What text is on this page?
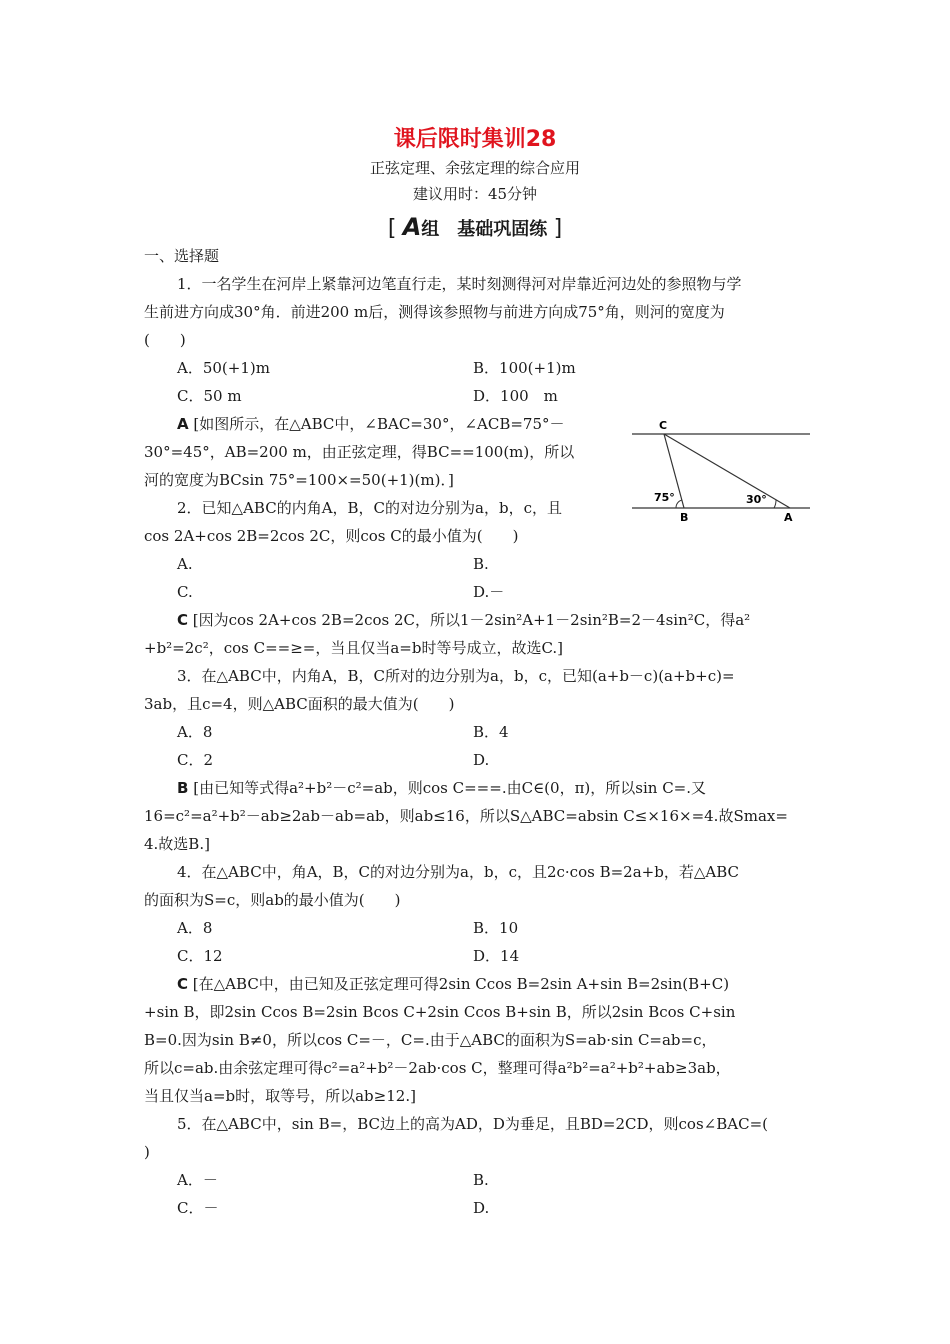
课后限时集训28
正弦定理、余弦定理的综合应用
建议用时：45分钟
[ A组　基础巩固练 ]
一、选择题
1．一名学生在河岸上紧靠河边笔直行走，某时刻测得河对岸靠近河边处的参照物与学
生前进方向成30°角．前进200 m后，测得该参照物与前进方向成75°角，则河的宽度为
(　　)
A．50(+1)m	B．100(+1)m
C．50 m	D．100　m
A [如图所示，在△ABC中，∠BAC=30°，∠ACB=75°－
30°=45°，AB=200 m，由正弦定理，得BC==100(m)，所以
河的宽度为BCsin 75°=100×=50(+1)(m)．]
C
B	A
75°	30°
2．已知△ABC的内角A，B，C的对边分别为a，b，c，且
cos 2A+cos 2B=2cos 2C，则cos C的最小值为(　　)
A.	B.
C.	D.－
C [因为cos 2A+cos 2B=2cos 2C，所以1－2sin²A+1－2sin²B=2－4sin²C，得a²
+b²=2c²，cos C==≥=，当且仅当a=b时等号成立，故选C.]
3．在△ABC中，内角A，B，C所对的边分别为a，b，c，已知(a+b－c)(a+b+c)=
3ab，且c=4，则△ABC面积的最大值为(　　)
A．8	B．4
C．2	D.
B [由已知等式得a²+b²－c²=ab，则cos C===.由C∈(0，π)，所以sin C=.又
16=c²=a²+b²－ab≥2ab－ab=ab，则ab≤16，所以S△ABC=absin C≤×16×=4.故Smax=
4.故选B.]
4．在△ABC中，角A，B，C的对边分别为a，b，c，且2c·cos B=2a+b，若△ABC
的面积为S=c，则ab的最小值为(　　)
A．8	B．10
C．12	D．14
C [在△ABC中，由已知及正弦定理可得2sin Ccos B=2sin A+sin B=2sin(B+C)
+sin B，即2sin Ccos B=2sin Bcos C+2sin Ccos B+sin B，所以2sin Bcos C+sin
B=0.因为sin B≠0，所以cos C=－，C=.由于△ABC的面积为S=ab·sin C=ab=c，
所以c=ab.由余弦定理可得c²=a²+b²－2ab·cos C，整理可得a²b²=a²+b²+ab≥3ab，
当且仅当a=b时，取等号，所以ab≥12.]
5．在△ABC中，sin B=，BC边上的高为AD，D为垂足，且BD=2CD，则cos∠BAC=(
)
A．－	B.
C．－	D.
